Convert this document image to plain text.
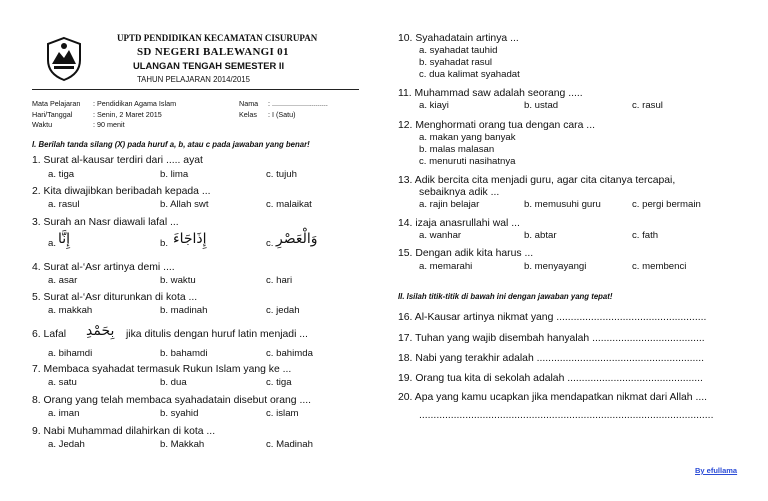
UPTD PENDIDIKAN KECAMATAN CISURUPAN
SD NEGERI BALEWANGI 01
ULANGAN TENGAH SEMESTER II
TAHUN PELAJARAN 2014/2015
Mata Pelajaran : Pendidikan Agama Islam
Hari/Tanggal	: Senin, 2 Maret 2015
Waktu	: 90 menit
Nama : ............................
Kelas : I (Satu)
I. Berilah tanda silang (X) pada huruf a, b, atau c pada jawaban yang benar!
1. Surat al-kausar terdiri dari ..... ayat
a. tiga	b. lima	c. tujuh
2. Kita diwajibkan beribadah kepada ...
a. rasul	b. Allah swt	c. malaikat
3. Surah an Nasr diawali lafal ...
a. إِنَّا	b. إِذَاجَاءَ	c. وَالْعَصْرِ
4. Surat al-‘Asr artinya demi ....
a. asar	b. waktu	c. hari
5. Surat al-‘Asr diturunkan di kota ...
a. makkah	b. madinah	c. jedah
6. Lafal بِحَمْدِ jika ditulis dengan huruf latin menjadi ...
a. bihamdi	b. bahamdi	c. bahimda
7. Membaca syahadat termasuk Rukun Islam yang ke ...
a. satu	b. dua	c. tiga
8. Orang yang telah membaca syahadatain disebut orang ....
a. iman	b. syahid	c. islam
9. Nabi Muhammad dilahirkan di kota ...
a. Jedah	b. Makkah	c. Madinah
10. Syahadatain artinya ...
a. syahadat tauhid
b. syahadat rasul
c. dua kalimat syahadat
11. Muhammad saw adalah seorang .....
a. kiayi	b. ustad	c. rasul
12. Menghormati orang tua dengan cara ...
a. makan yang banyak
b. malas malasan
c. menuruti nasihatnya
13. Adik bercita cita menjadi guru, agar cita citanya tercapai,
sebaiknya adik ...
a. rajin belajar	b. memusuhi guru	c. pergi bermain
14. izaja anasrullahi wal ...
a. wanhar	b. abtar	c. fath
15. Dengan adik kita harus ...
a. memarahi	b. menyayangi	c. membenci
II. Isilah titik-titik di bawah ini dengan jawaban yang tepat!
16. Al-Kausar artinya nikmat yang ....................................................
17. Tuhan yang wajib disembah hanyalah .......................................
18. Nabi yang terakhir adalah ..........................................................
19. Orang tua kita di sekolah adalah ...............................................
20. Apa yang kamu ucapkan jika mendapatkan nikmat dari Allah ....
......................................................................................................
By efullama
